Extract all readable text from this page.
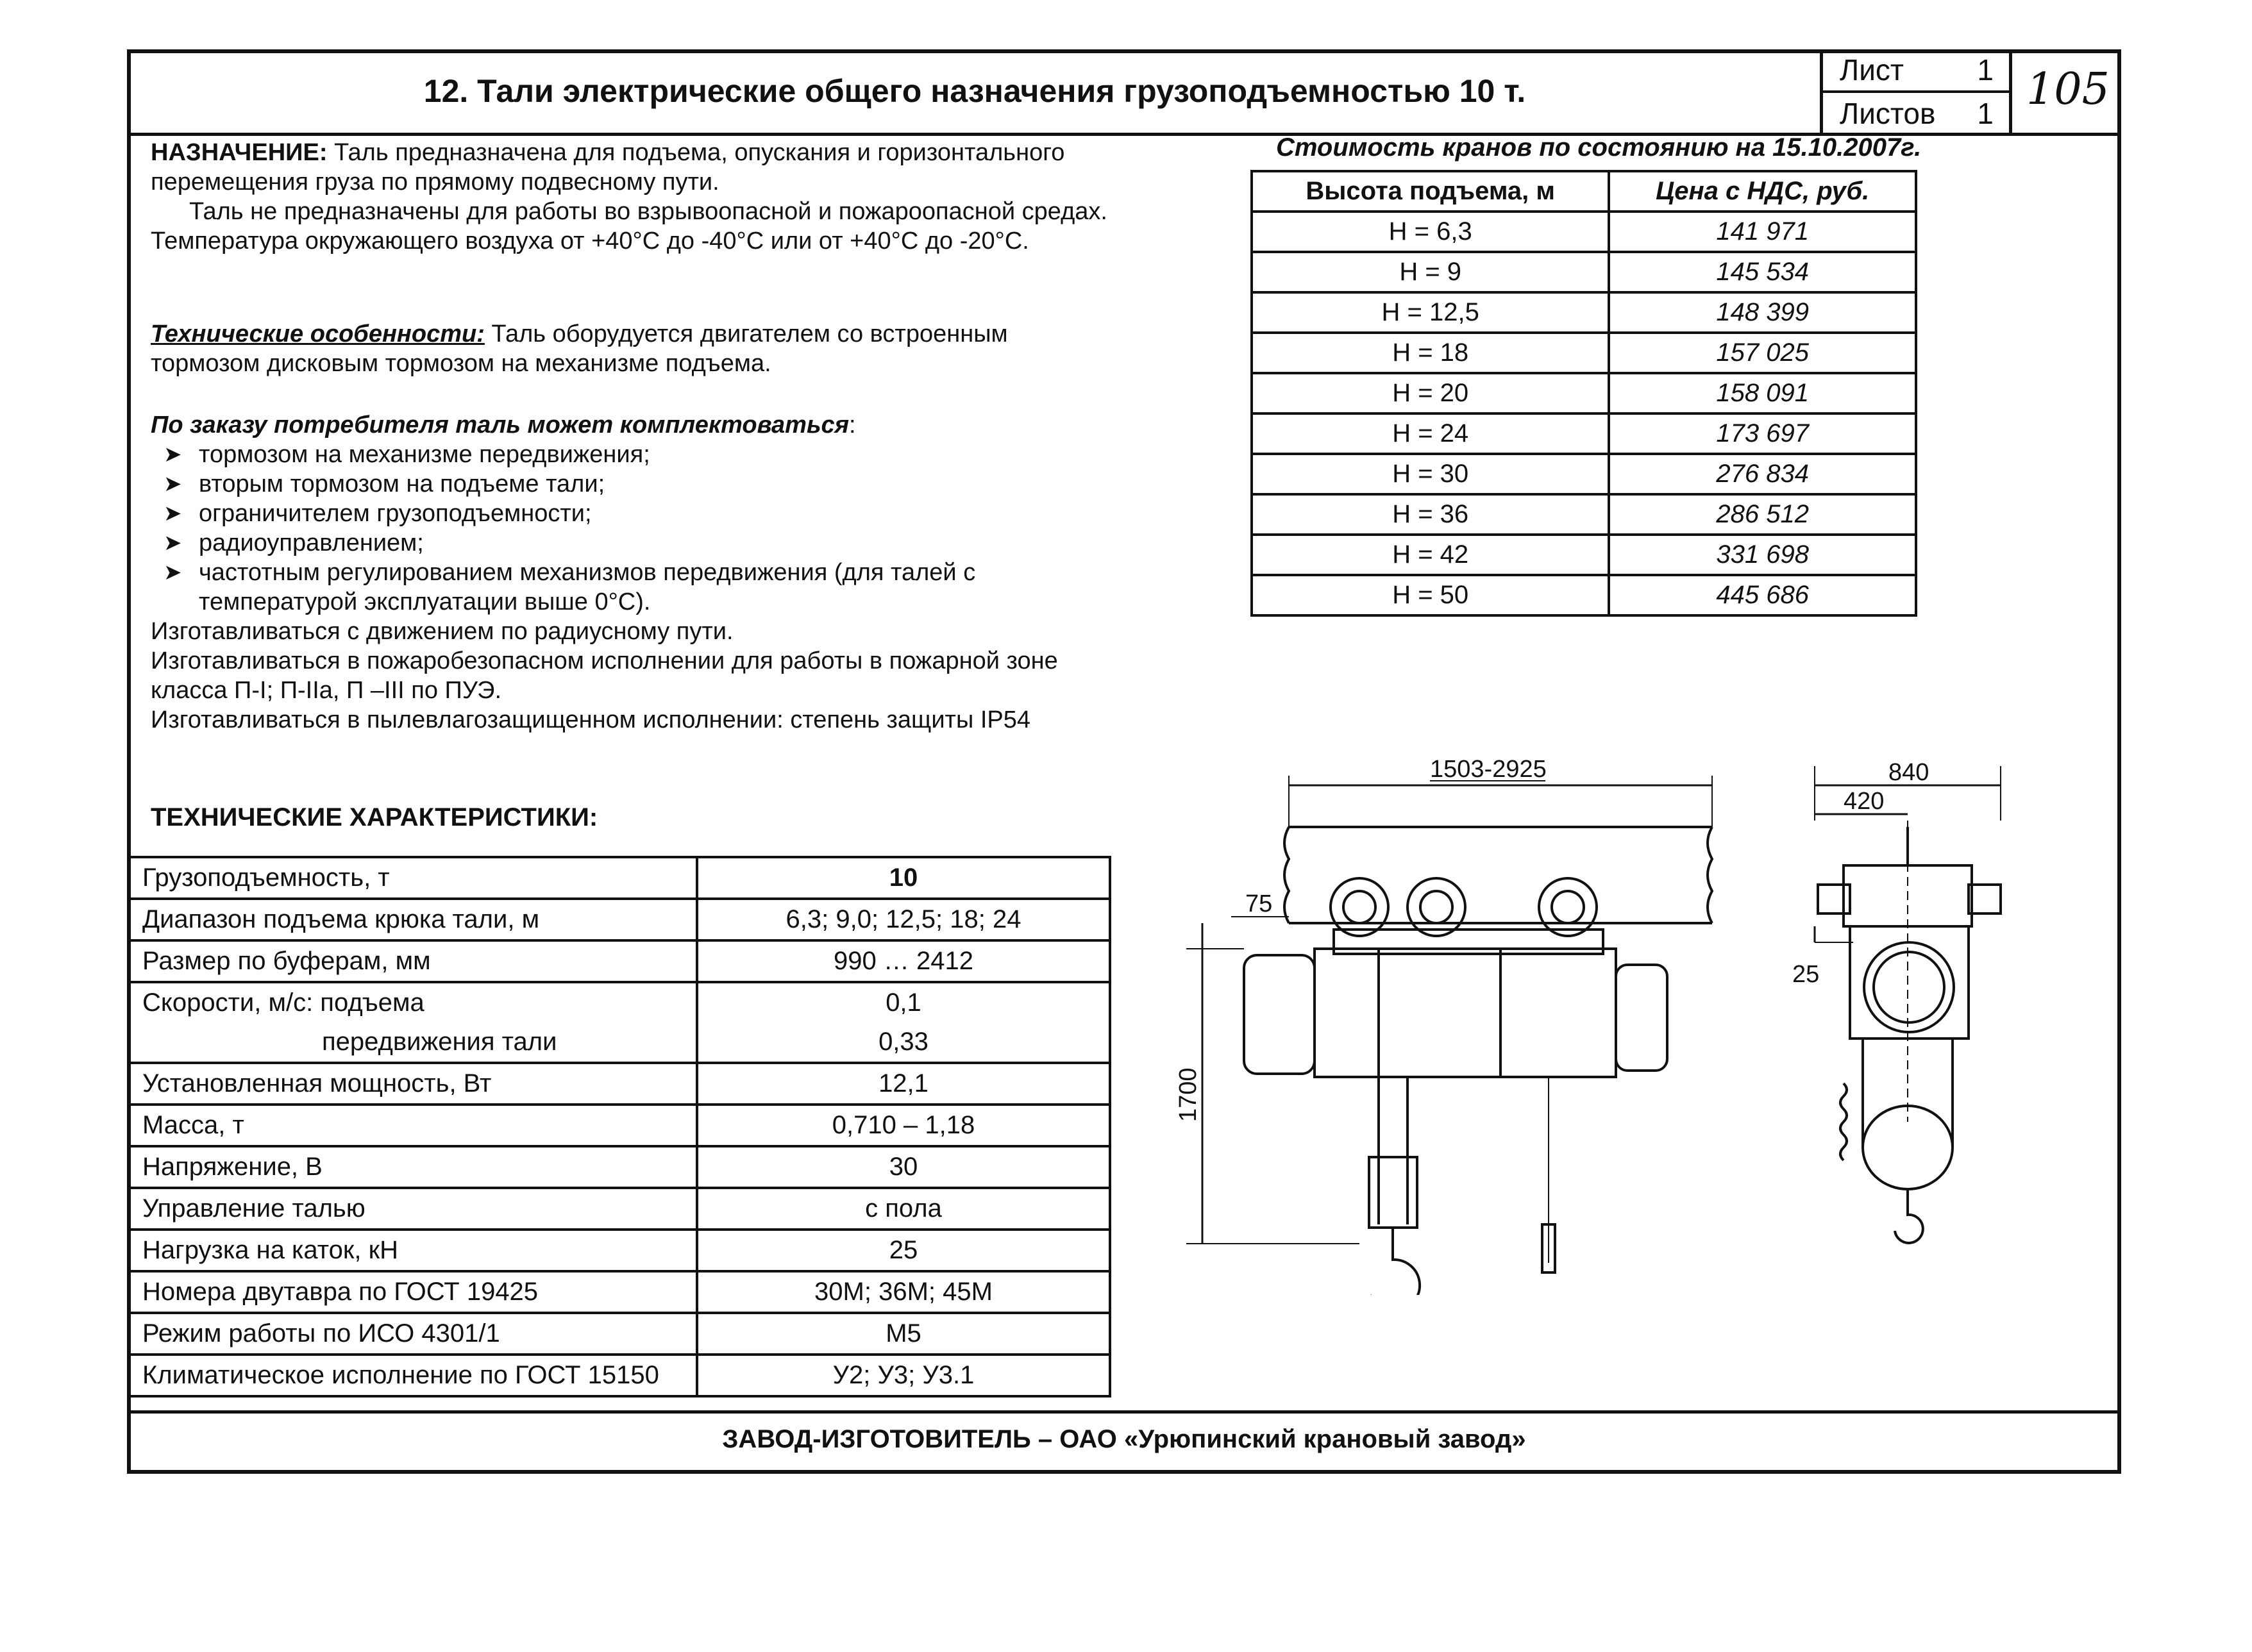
12. Тали электрические общего назначения грузоподъемностью 10 т.
Лист 1
Листов 1 105
НАЗНАЧЕНИЕ: Таль предназначена для подъема, опускания и горизонтального перемещения груза по прямому подвесному пути.
Таль не предназначены для работы во взрывоопасной и пожароопасной средах. Температура окружающего воздуха от +40°С до -40°С или от +40°С до -20°С.
Технические особенности: Таль оборудуется двигателем со встроенным тормозом дисковым тормозом на механизме подъема.
По заказу потребителя таль может комплектоваться:
➤ тормозом на механизме передвижения;
➤ вторым тормозом на подъеме тали;
➤ ограничителем грузоподъемности;
➤ радиоуправлением;
➤ частотным регулированием механизмов передвижения (для талей с температурой эксплуатации выше 0°С).
Изготавливаться с движением по радиусному пути.
Изготавливаться в пожаробезопасном исполнении для работы в пожарной зоне класса П-I; П-IIа, П –III по ПУЭ.
Изготавливаться в пылевлагозащищенном исполнении: степень защиты IP54
ТЕХНИЧЕСКИЕ ХАРАКТЕРИСТИКИ:
Грузоподъемность, т	10
Диапазон подъема крюка тали, м	6,3; 9,0; 12,5; 18; 24
Размер по буферам, мм	990 … 2412
Скорости, м/с: подъема	0,1
передвижения тали	0,33
Установленная мощность, Вт	12,1
Масса, т	0,710 – 1,18
Напряжение, В	30
Управление талью	с пола
Нагрузка на каток, кН	25
Номера двутавра по ГОСТ 19425	30М; 36М; 45М
Режим работы по ИСО 4301/1	М5
Климатическое исполнение по ГОСТ 15150	У2; У3; У3.1
Стоимость кранов по состоянию на 15.10.2007г.
Высота подъема, м	Цена с НДС, руб.
Н = 6,3	141 971
Н = 9	145 534
Н = 12,5	148 399
Н = 18	157 025
Н = 20	158 091
Н = 24	173 697
Н = 30	276 834
Н = 36	286 512
Н = 42	331 698
Н = 50	445 686
1503-2925
75
1700
840
420
25
ЗАВОД-ИЗГОТОВИТЕЛЬ – ОАО «Урюпинский крановый завод»
